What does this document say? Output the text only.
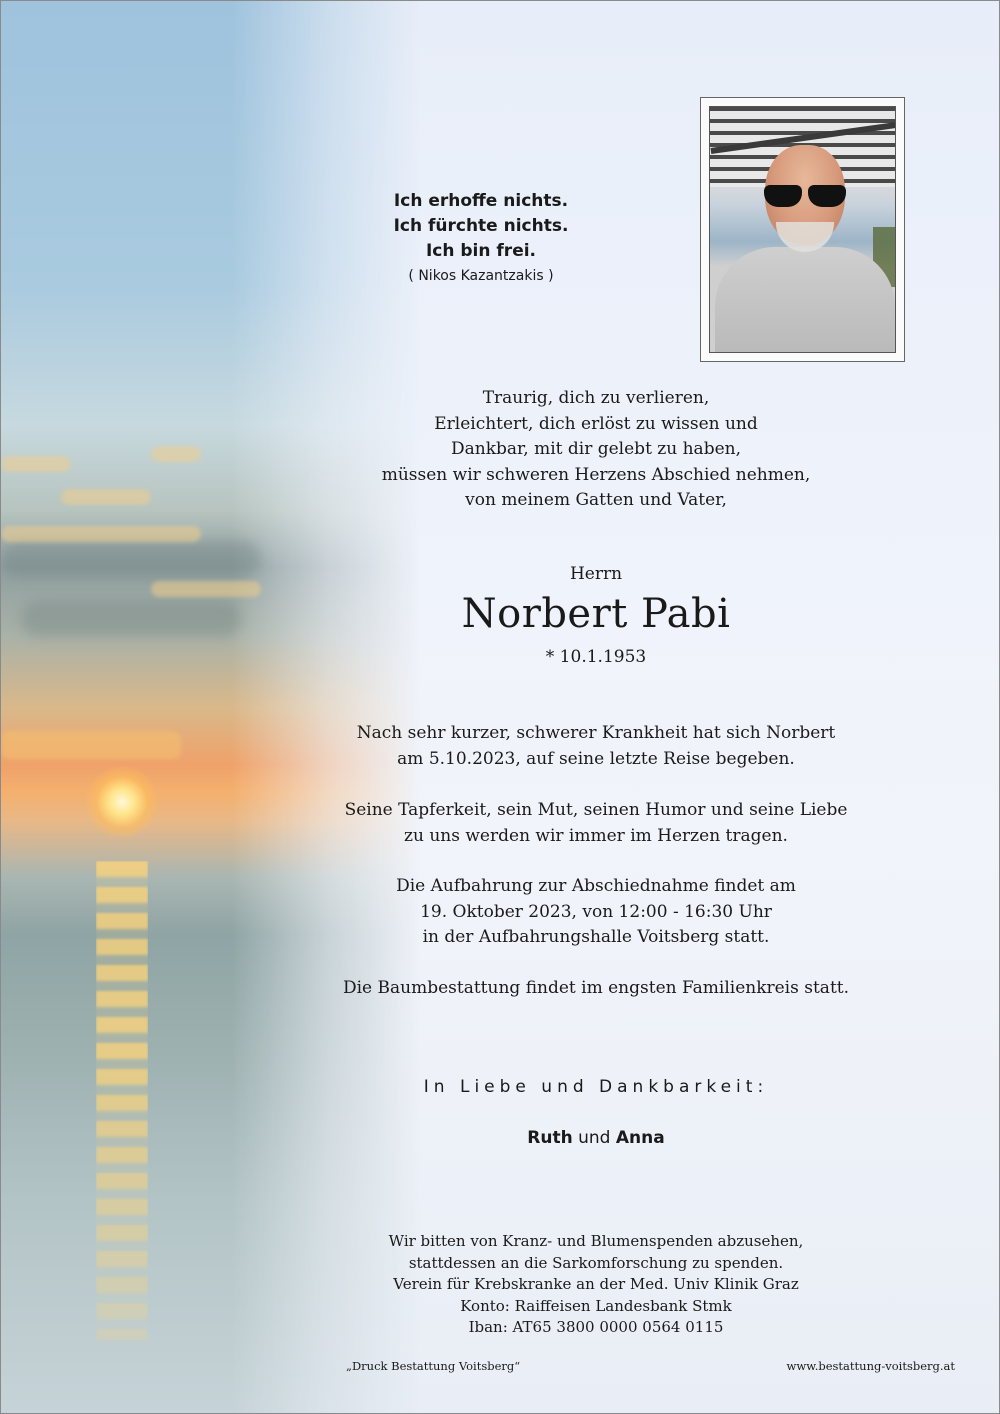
Ich erhoffe nichts.
Ich fürchte nichts.
Ich bin frei.
( Nikos Kazantzakis )
Traurig, dich zu verlieren,
Erleichtert, dich erlöst zu wissen und
Dankbar, mit dir gelebt zu haben,
müssen wir schweren Herzens Abschied nehmen,
von meinem Gatten und Vater,
Herrn
Norbert Pabi
* 10.1.1953
Nach sehr kurzer, schwerer Krankheit hat sich Norbert
am 5.10.2023, auf seine letzte Reise begeben.
Seine Tapferkeit, sein Mut, seinen Humor und seine Liebe
zu uns werden wir immer im Herzen tragen.
Die Aufbahrung zur Abschiednahme findet am
19. Oktober 2023, von 12:00 - 16:30 Uhr
in der Aufbahrungshalle Voitsberg statt.
Die Baumbestattung findet im engsten Familienkreis statt.
In Liebe und Dankbarkeit:
Ruth und Anna
Wir bitten von Kranz- und Blumenspenden abzusehen,
stattdessen an die Sarkomforschung zu spenden.
Verein für Krebskranke an der Med. Univ Klinik Graz
Konto: Raiffeisen Landesbank Stmk
Iban: AT65 3800 0000 0564 0115
„Druck Bestattung Voitsberg“	www.bestattung-voitsberg.at
